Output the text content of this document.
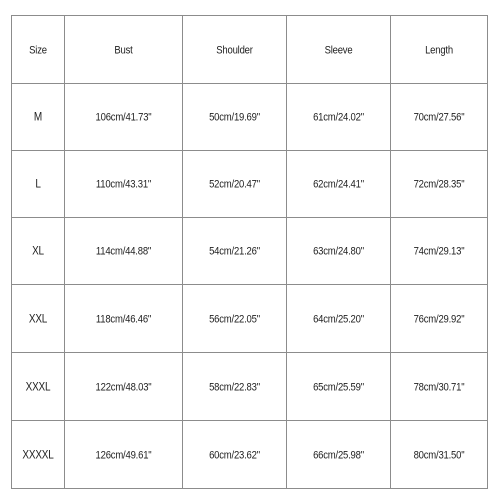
Size	Bust	Shoulder	Sleeve	Length
M	106cm/41.73"	50cm/19.69"	61cm/24.02"	70cm/27.56"
L	110cm/43.31"	52cm/20.47"	62cm/24.41"	72cm/28.35"
XL	114cm/44.88"	54cm/21.26"	63cm/24.80"	74cm/29.13"
XXL	118cm/46.46"	56cm/22.05"	64cm/25.20"	76cm/29.92"
XXXL	122cm/48.03"	58cm/22.83"	65cm/25.59"	78cm/30.71"
XXXXL	126cm/49.61"	60cm/23.62"	66cm/25.98"	80cm/31.50"
